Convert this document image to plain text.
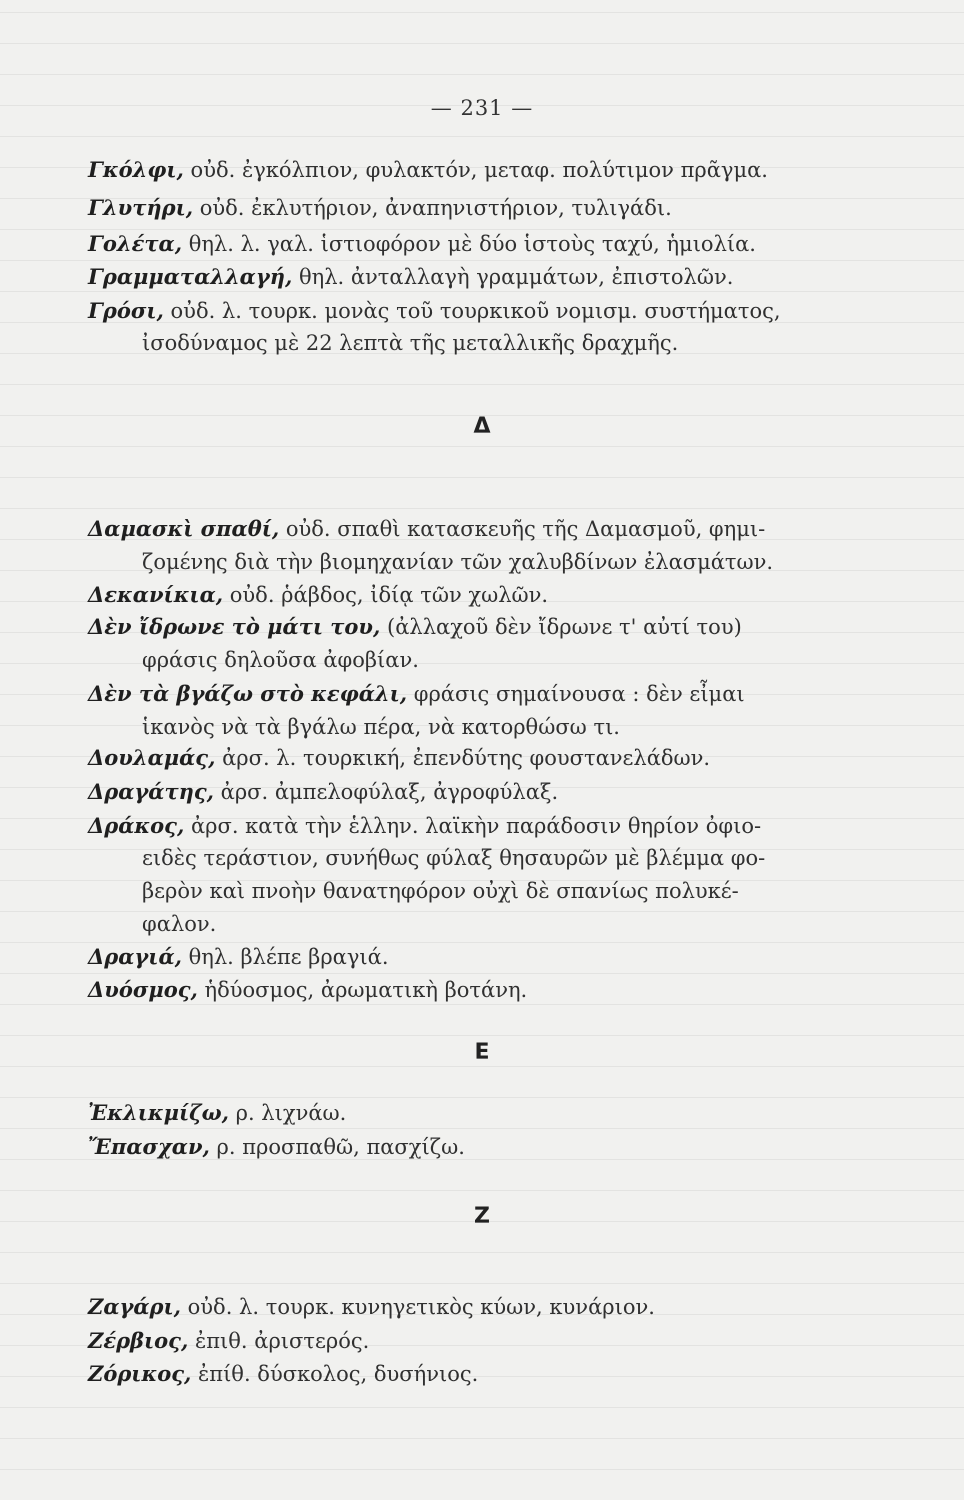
— 231 —
Γκόλφι, οὐδ. ἐγκόλπιον, φυλακτόν, μεταφ. πολύτιμον πρᾶγμα.
Γλυτήρι, οὐδ. ἐκλυτήριον, ἀναπηνιστήριον, τυλιγάδι.
Γολέτα, θηλ. λ. γαλ. ἱστιοφόρον μὲ δύο ἱστοὺς ταχύ, ἡμιολία.
Γραμματαλλαγή, θηλ. ἀνταλλαγὴ γραμμάτων, ἐπιστολῶν.
Γρόσι, οὐδ. λ. τουρκ. μονὰς τοῦ τουρκικοῦ νομισμ. συστήματος,
ἰσοδύναμος μὲ 22 λεπτὰ τῆς μεταλλικῆς δραχμῆς.
Δ
Δαμασκὶ σπαθί, οὐδ. σπαθὶ κατασκευῆς τῆς Δαμασμοῦ, φημι-
ζομένης διὰ τὴν βιομηχανίαν τῶν χαλυβδίνων ἐλασμάτων.
Δεκανίκια, οὐδ. ῥάβδος, ἰδίᾳ τῶν χωλῶν.
Δὲν ἴδρωνε τὸ μάτι του, (ἀλλαχοῦ δὲν ἴδρωνε τ' αὐτί του)
φράσις δηλοῦσα ἀφοβίαν.
Δὲν τὰ βγάζω στὸ κεφάλι, φράσις σημαίνουσα : δὲν εἶμαι
ἱκανὸς νὰ τὰ βγάλω πέρα, νὰ κατορθώσω τι.
Δουλαμάς, ἀρσ. λ. τουρκική, ἐπενδύτης φουστανελάδων.
Δραγάτης, ἀρσ. ἀμπελοφύλαξ, ἀγροφύλαξ.
Δράκος, ἀρσ. κατὰ τὴν ἑλλην. λαϊκὴν παράδοσιν θηρίον ὀφιο-
ειδὲς τεράστιον, συνήθως φύλαξ θησαυρῶν μὲ βλέμμα φο-
βερὸν καὶ πνοὴν θανατηφόρον οὐχὶ δὲ σπανίως πολυκέ-
φαλον.
Δραγιά, θηλ. βλέπε βραγιά.
Δυόσμος, ἡδύοσμος, ἀρωματικὴ βοτάνη.
Ε
Ἐκλικμίζω, ρ. λιχνάω.
Ἔπασχαν, ρ. προσπαθῶ, πασχίζω.
Ζ
Ζαγάρι, οὐδ. λ. τουρκ. κυνηγετικὸς κύων, κυνάριον.
Ζέρβιος, ἐπιθ. ἀριστερός.
Ζόρικος, ἐπίθ. δύσκολος, δυσήνιος.
